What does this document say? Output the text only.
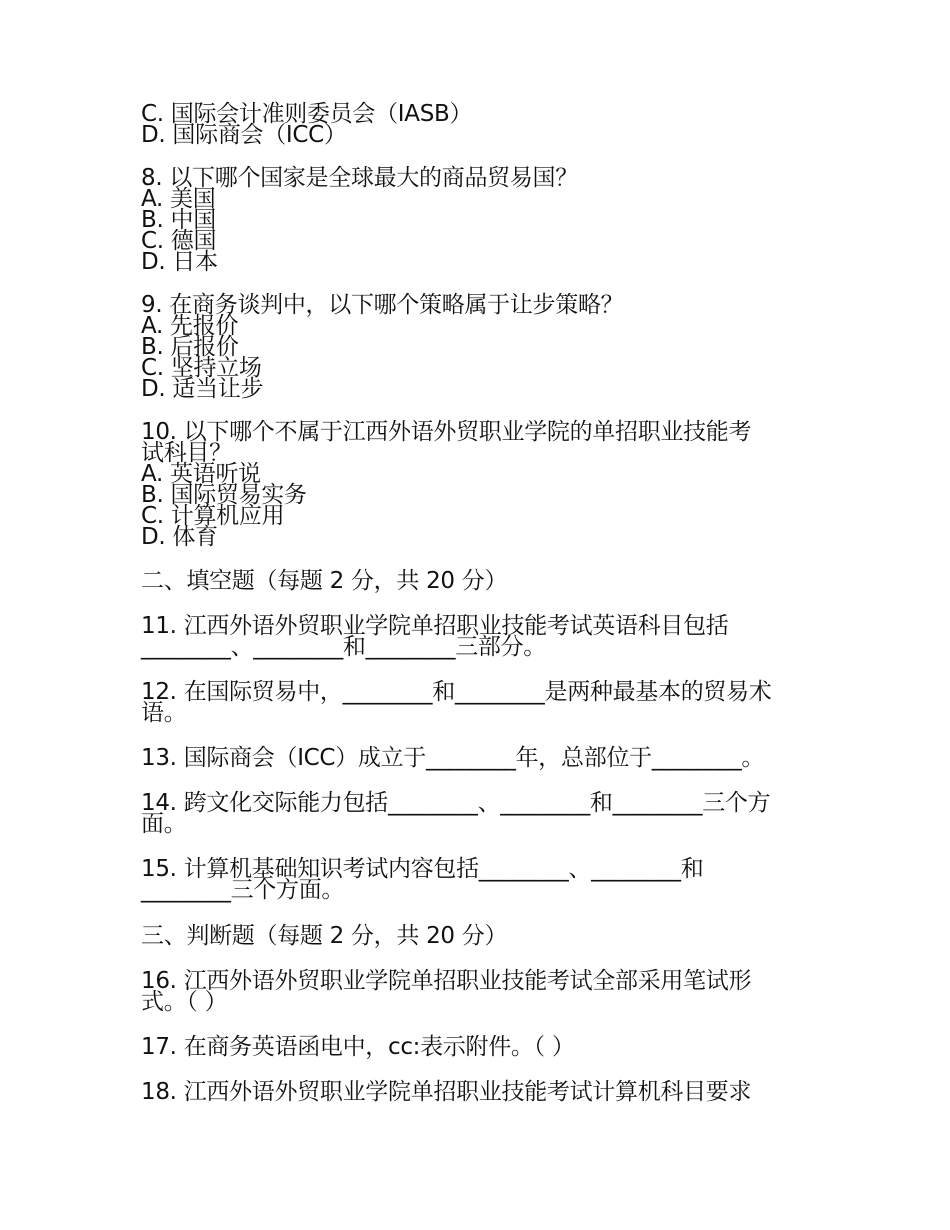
C. 国际会计准则委员会（IASB）
D. 国际商会（ICC）
8. 以下哪个国家是全球最大的商品贸易国？
A. 美国
B. 中国
C. 德国
D. 日本
9. 在商务谈判中，以下哪个策略属于让步策略？
A. 先报价
B. 后报价
C. 坚持立场
D. 适当让步
10. 以下哪个不属于江西外语外贸职业学院的单招职业技能考
试科目？
A. 英语听说
B. 国际贸易实务
C. 计算机应用
D. 体育
二、填空题（每题 2 分，共 20 分）
11. 江西外语外贸职业学院单招职业技能考试英语科目包括
________、________和________三部分。
12. 在国际贸易中，________和________是两种最基本的贸易术
语。
13. 国际商会（ICC）成立于________年，总部位于________。
14. 跨文化交际能力包括________、________和________三个方
面。
15. 计算机基础知识考试内容包括________、________和
________三个方面。
三、判断题（每题 2 分，共 20 分）
16. 江西外语外贸职业学院单招职业技能考试全部采用笔试形
式。（ ）
17. 在商务英语函电中，cc:表示附件。（ ）
18. 江西外语外贸职业学院单招职业技能考试计算机科目要求
